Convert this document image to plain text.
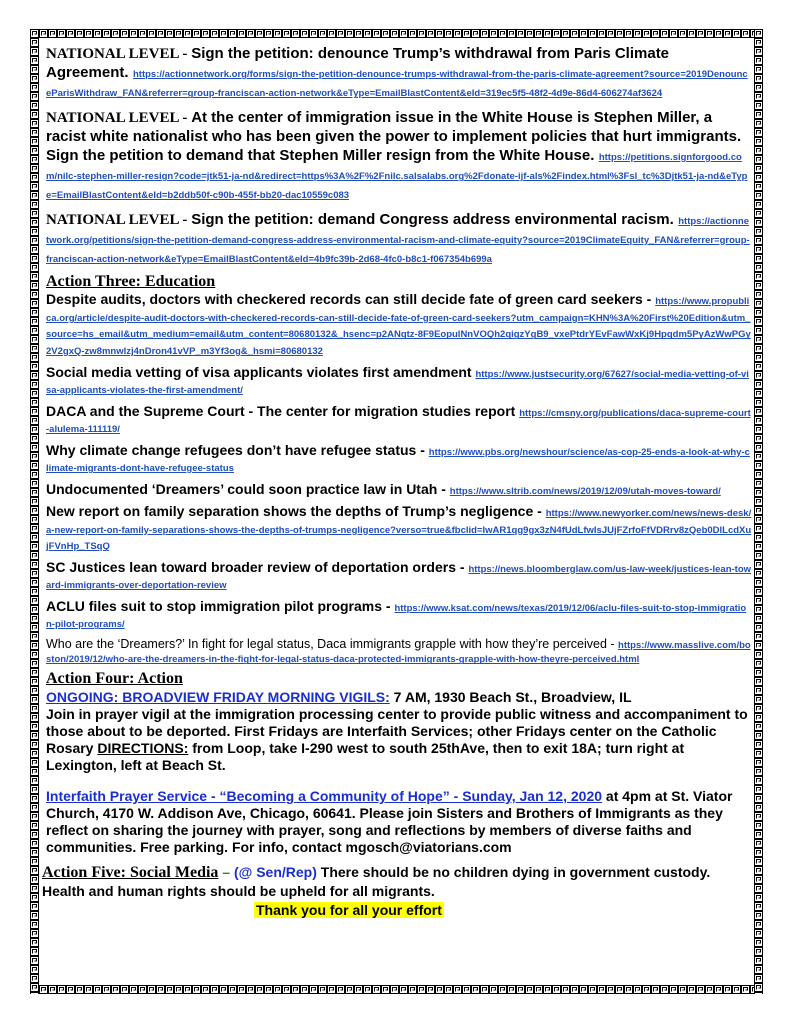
NATIONAL LEVEL - Sign the petition: denounce Trump’s withdrawal from Paris Climate Agreement. https://actionnetwork.org/forms/sign-the-petition-denounce-trumps-withdrawal-from-the-paris-climate-agreement?source=2019DenounceParisWithdraw_FAN&referrer=group-franciscan-action-network&eType=EmailBlastContent&eId=319ec5f5-48f2-4d9e-86d4-606274af3624

NATIONAL LEVEL - At the center of immigration issue in the White House is Stephen Miller, a racist white nationalist who has been given the power to implement policies that hurt immigrants. Sign the petition to demand that Stephen Miller resign from the White House. https://petitions.signforgood.com/nilc-stephen-miller-resign?code=jtk51-ja-nd&redirect=https%3A%2F%2Fnilc.salsalabs.org%2Fdonate-ijf-als%2Findex.html%3Fsl_tc%3Djtk51-ja-nd&eType=EmailBlastContent&eId=b2ddb50f-c90b-455f-bb20-dac10559c083

NATIONAL LEVEL - Sign the petition: demand Congress address environmental racism. https://actionnetwork.org/petitions/sign-the-petition-demand-congress-address-environmental-racism-and-climate-equity?source=2019ClimateEquity_FAN&referrer=group-franciscan-action-network&eType=EmailBlastContent&eId=4b9fc39b-2d68-4fc0-b8c1-f067354b699a

Action Three: Education

Despite audits, doctors with checkered records can still decide fate of green card seekers - https://www.propublica.org/article/despite-audit-doctors-with-checkered-records-can-still-decide-fate-of-green-card-seekers?utm_campaign=KHN%3A%20First%20Edition&utm_source=hs_email&utm_medium=email&utm_content=80680132&_hsenc=p2ANqtz-8F9EopulNnVOQh2qigzYgB9_vxePtdrYEvFawWxKj9Hpqdm5PyAzWwPGy2V2gxQ-zw8mnwlzj4nDron41vVP_m3Yf3og&_hsmi=80680132

Social media vetting of visa applicants violates first amendment https://www.justsecurity.org/67627/social-media-vetting-of-visa-applicants-violates-the-first-amendment/

DACA and the Supreme Court - The center for migration studies report https://cmsny.org/publications/daca-supreme-court-alulema-111119/

Why climate change refugees don’t have refugee status - https://www.pbs.org/newshour/science/as-cop-25-ends-a-look-at-why-climate-migrants-dont-have-refugee-status

Undocumented ‘Dreamers’ could soon practice law in Utah - https://www.sltrib.com/news/2019/12/09/utah-moves-toward/

New report on family separation shows the depths of Trump’s negligence - https://www.newyorker.com/news/news-desk/a-new-report-on-family-separations-shows-the-depths-of-trumps-negligence?verso=true&fbclid=IwAR1qg9gx3zN4fUdLfwIsJUjFZrfoFfVDRrv8zQeb0DlLcdXujFVnHp_TSqQ

SC Justices lean toward broader review of deportation orders - https://news.bloomberglaw.com/us-law-week/justices-lean-toward-immigrants-over-deportation-review

ACLU files suit to stop immigration pilot programs - https://www.ksat.com/news/texas/2019/12/06/aclu-files-suit-to-stop-immigration-pilot-programs/

Who are the ‘Dreamers?’ In fight for legal status, Daca immigrants grapple with how they’re perceived - https://www.masslive.com/boston/2019/12/who-are-the-dreamers-in-the-fight-for-legal-status-daca-protected-immigrants-grapple-with-how-theyre-perceived.html

Action Four: Action

ONGOING: BROADVIEW FRIDAY MORNING VIGILS: 7 AM, 1930 Beach St., Broadview, IL
Join in prayer vigil at the immigration processing center to provide public witness and accompaniment to those about to be deported. First Fridays are Interfaith Services; other Fridays center on the Catholic Rosary DIRECTIONS: from Loop, take I-290 west to south 25thAve, then to exit 18A; turn right at Lexington, left at Beach St.

Interfaith Prayer Service - “Becoming a Community of Hope” - Sunday, Jan 12, 2020 at 4pm at St. Viator Church, 4170 W. Addison Ave, Chicago, 60641. Please join Sisters and Brothers of Immigrants as they reflect on sharing the journey with prayer, song and reflections by members of diverse faiths and communities. Free parking. For info, contact mgosch@viatorians.com

Action Five: Social Media – (@ Sen/Rep) There should be no children dying in government custody. Health and human rights should be upheld for all migrants.

Thank you for all your effort
